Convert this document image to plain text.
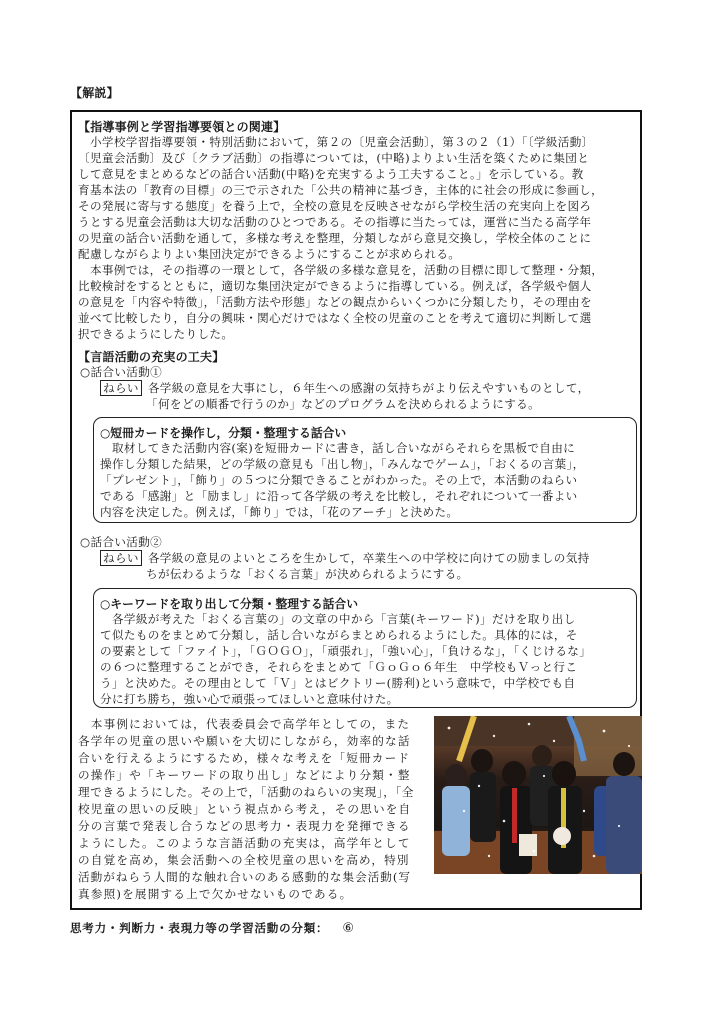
【解説】
【指導事例と学習指導要領との関連】
　小学校学習指導要領・特別活動において，第２の〔児童会活動〕，第３の２（1）「〔学級活動〕
〔児童会活動〕及び〔クラブ活動〕の指導については，(中略)よりよい生活を築くために集団と
して意見をまとめるなどの話合い活動(中略)を充実するよう工夫すること。」を示している。教
育基本法の「教育の目標」の三で示された「公共の精神に基づき，主体的に社会の形成に参画し，
その発展に寄与する態度」を養う上で，全校の意見を反映させながら学校生活の充実向上を図ろ
うとする児童会活動は大切な活動のひとつである。その指導に当たっては，運営に当たる高学年
の児童の話合い活動を通して，多様な考えを整理，分類しながら意見交換し，学校全体のことに
配慮しながらよりよい集団決定ができるようにすることが求められる。
　本事例では，その指導の一環として，各学級の多様な意見を，活動の目標に即して整理・分類，
比較検討をするとともに，適切な集団決定ができるように指導している。例えば，各学級や個人
の意見を「内容や特徴」，「活動方法や形態」などの観点からいくつかに分類したり，その理由を
並べて比較したり，自分の興味・関心だけではなく全校の児童のことを考えて適切に判断して選
択できるようにしたりした。
【言語活動の充実の工夫】
○話合い活動①
ねらい 各学級の意見を大事にし，６年生への感謝の気持ちがより伝えやすいものとして，
「何をどの順番で行うのか」などのプログラムを決められるようにする。
○短冊カードを操作し，分類・整理する話合い
　取材してきた活動内容(案)を短冊カードに書き，話し合いながらそれらを黒板で自由に
操作し分類した結果，どの学級の意見も「出し物」，「みんなでゲーム」，「おくるの言葉」，
「プレゼント」，「飾り」の５つに分類できることがわかった。その上で，本活動のねらい
である「感謝」と「励まし」に沿って各学級の考えを比較し，それぞれについて一番よい
内容を決定した。例えば，「飾り」では，「花のアーチ」と決めた。
○話合い活動②
ねらい 各学級の意見のよいところを生かして，卒業生への中学校に向けての励ましの気持
ちが伝わるような「おくる言葉」が決められるようにする。
○キーワードを取り出して分類・整理する話合い
　各学級が考えた「おくる言葉の」の文章の中から「言葉(キーワード)」だけを取り出し
て似たものをまとめて分類し，話し合いながらまとめられるようにした。具体的には，そ
の要素として「ファイト」，「ＧＯＧＯ」，「頑張れ」，「強い心」，「負けるな」，「くじけるな」
の６つに整理することができ，それらをまとめて「ＧｏＧｏ６年生　中学校もＶっと行こ
う」と決めた。その理由として「Ｖ」とはビクトリー(勝利)という意味で，中学校でも自
分に打ち勝ち，強い心で頑張ってほしいと意味付けた。
　本事例においては，代表委員会で高学年としての，また
各学年の児童の思いや願いを大切にしながら，効率的な話
合いを行えるようにするため，様々な考えを「短冊カード
の操作」や「キーワードの取り出し」などにより分類・整
理できるようにした。その上で，「活動のねらいの実現」，「全
校児童の思いの反映」という視点から考え，その思いを自
分の言葉で発表し合うなどの思考力・表現力を発揮できる
ようにした。このような言語活動の充実は，高学年として
の自覚を高め，集会活動への全校児童の思いを高め，特別
活動がねらう人間的な触れ合いのある感動的な集会活動(写
真参照)を展開する上で欠かせないものである。
思考力・判断力・表現力等の学習活動の分類： ⑥
